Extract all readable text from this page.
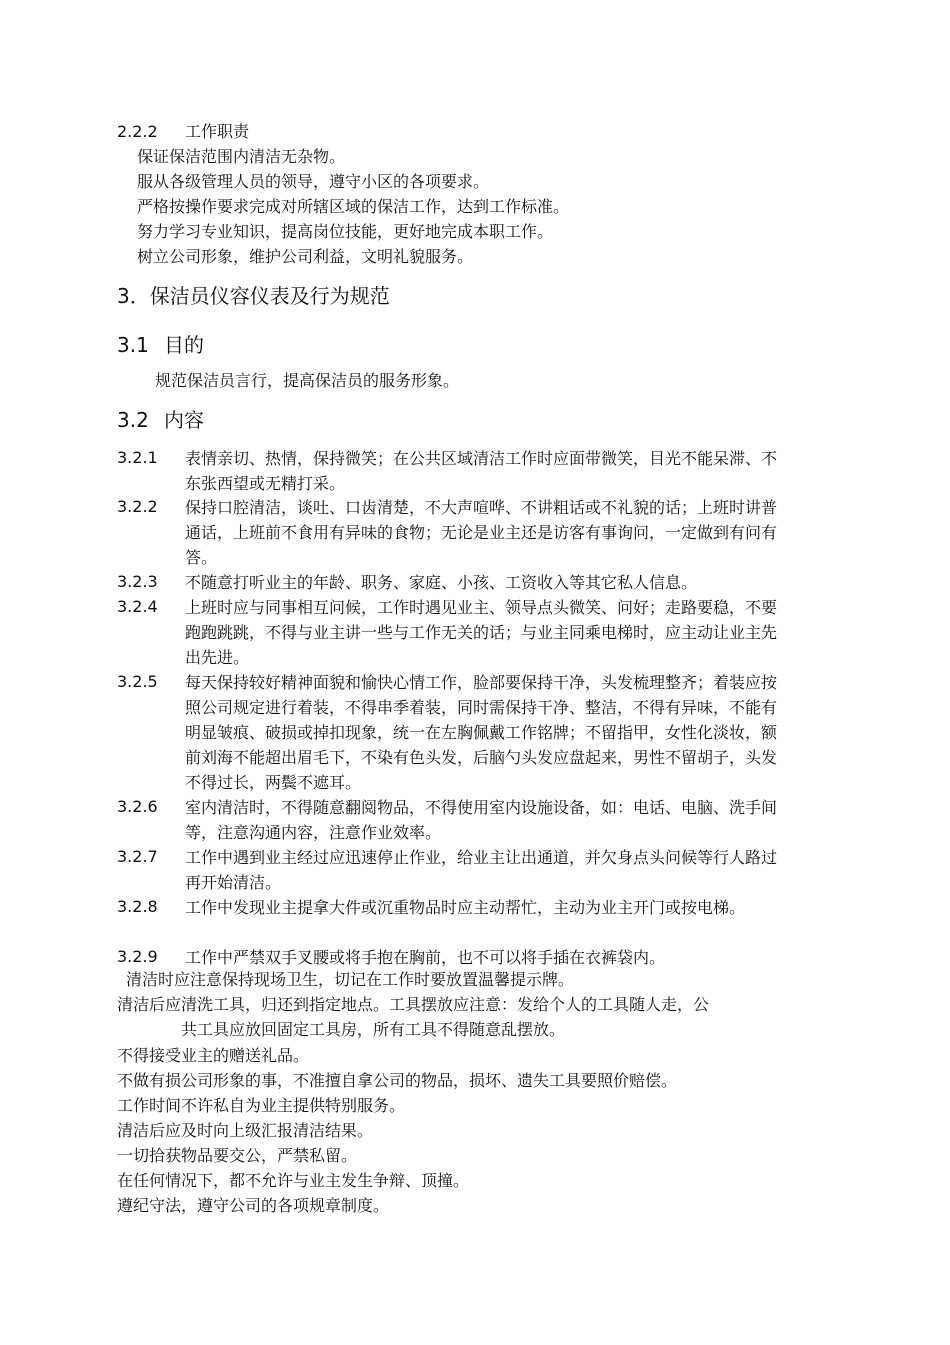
2.2.2 工作职责
保证保洁范围内清洁无杂物。
服从各级管理人员的领导，遵守小区的各项要求。
严格按操作要求完成对所辖区域的保洁工作，达到工作标准。
努力学习专业知识，提高岗位技能，更好地完成本职工作。
树立公司形象，维护公司利益，文明礼貌服务。
3．保洁员仪容仪表及行为规范
3.1 目的
规范保洁员言行，提高保洁员的服务形象。
3.2 内容
3.2.1 表情亲切、热情，保持微笑；在公共区域清洁工作时应面带微笑，目光不能呆滞、不东张西望或无精打采。
3.2.2 保持口腔清洁，谈吐、口齿清楚，不大声喧哗、不讲粗话或不礼貌的话；上班时讲普通话，上班前不食用有异味的食物；无论是业主还是访客有事询问，一定做到有问有答。
3.2.3 不随意打听业主的年龄、职务、家庭、小孩、工资收入等其它私人信息。
3.2.4 上班时应与同事相互问候，工作时遇见业主、领导点头微笑、问好；走路要稳，不要跑跑跳跳，不得与业主讲一些与工作无关的话；与业主同乘电梯时，应主动让业主先出先进。
3.2.5 每天保持较好精神面貌和愉快心情工作，脸部要保持干净，头发梳理整齐；着装应按照公司规定进行着装，不得串季着装，同时需保持干净、整洁，不得有异味，不能有明显皱痕、破损或掉扣现象，统一在左胸佩戴工作铭牌；不留指甲，女性化淡妆，额前刘海不能超出眉毛下，不染有色头发，后脑勺头发应盘起来，男性不留胡子，头发不得过长，两鬓不遮耳。
3.2.6 室内清洁时，不得随意翻阅物品，不得使用室内设施设备，如：电话、电脑、洗手间等，注意沟通内容，注意作业效率。
3.2.7 工作中遇到业主经过应迅速停止作业，给业主让出通道，并欠身点头问候等行人路过再开始清洁。
3.2.8 工作中发现业主提拿大件或沉重物品时应主动帮忙，主动为业主开门或按电梯。
3.2.9 工作中严禁双手叉腰或将手抱在胸前，也不可以将手插在衣裤袋内。
清洁时应注意保持现场卫生，切记在工作时要放置温馨提示牌。
清洁后应清洗工具，归还到指定地点。工具摆放应注意：发给个人的工具随人走，公
共工具应放回固定工具房，所有工具不得随意乱摆放。
不得接受业主的赠送礼品。
不做有损公司形象的事，不准擅自拿公司的物品，损坏、遗失工具要照价赔偿。
工作时间不许私自为业主提供特别服务。
清洁后应及时向上级汇报清洁结果。
一切拾获物品要交公，严禁私留。
在任何情况下，都不允许与业主发生争辩、顶撞。
遵纪守法，遵守公司的各项规章制度。
